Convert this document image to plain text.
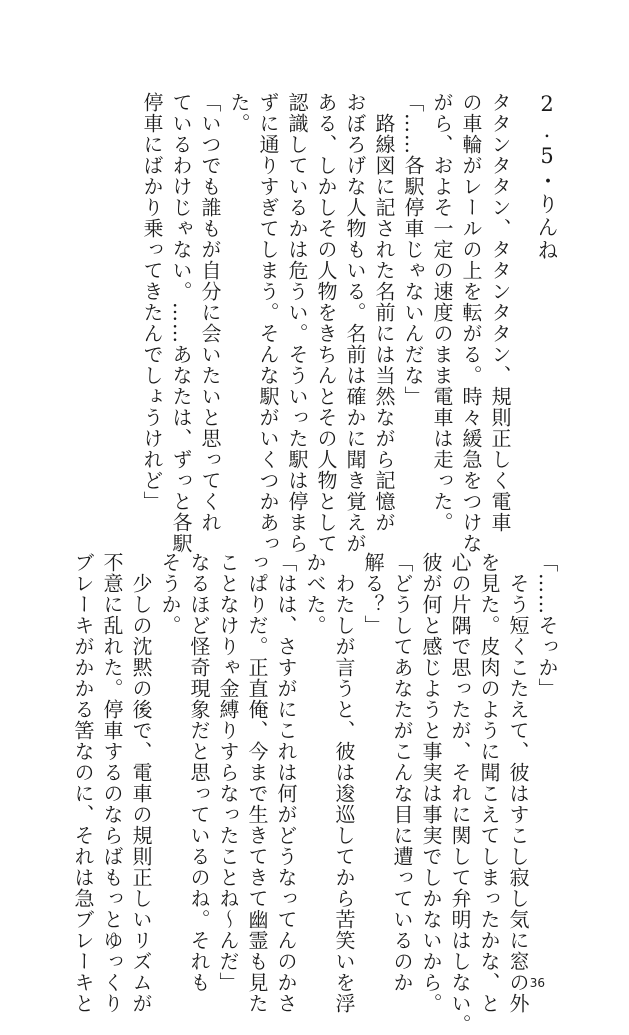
2.5・りんね

タタンタタン、タタンタタン、規則正しく電車

の車輪がレールの上を転がる。時々緩急をつけな

がら、およそ一定の速度のまま電車は走った。

「……各駅停車じゃないんだな」

　路線図に記された名前には当然ながら記憶が

おぼろげな人物もいる。名前は確かに聞き覚えが

ある、しかしその人物をきちんとその人物として

認識しているかは危うい。そういった駅は停まら

ずに通りすぎてしまう。そんな駅がいくつかあっ

た。

「いつでも誰もが自分に会いたいと思ってくれ

ているわけじゃない。……あなたは、ずっと各駅

停車にばかり乗ってきたんでしょうけれど」

「……そっか」

　そう短くこたえて、彼はすこし寂し気に窓の外

を見た。皮肉のように聞こえてしまったかな、と

心の片隅で思ったが、それに関して弁明はしない。

彼が何と感じようと事実は事実でしかないから。

「どうしてあなたがこんな目に遭っているのか

解る？」

　わたしが言うと、彼は逡巡してから苦笑いを浮

かべた。

「はは、さすがにこれは何がどうなってんのかさ

っぱりだ。正直俺、今まで生きてきて幽霊も見た

ことなけりゃ金縛りすらなったことね～んだ」

なるほど怪奇現象だと思っているのね。それも

そうか。

　少しの沈黙の後で、電車の規則正しいリズムが

不意に乱れた。停車するのならばもっとゆっくり

ブレーキがかかる筈なのに、それは急ブレーキと	36
